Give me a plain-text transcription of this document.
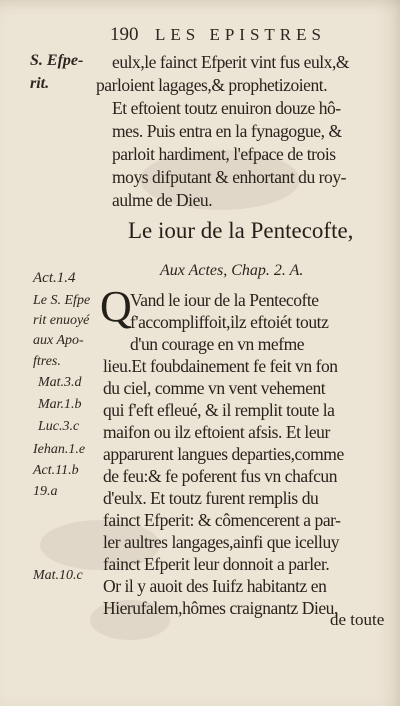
190 LES EPISTRES
S. Efpe-
rit.
Act.1.4
Le S. Efpe
rit enuoyé
aux Apo-
ftres.
Mat.3.d
Mar.1.b
Luc.3.c
Iehan.1.e
Act.11.b
19.a
Mat.10.c
eulx,le fainct Efperit vint fus eulx,&
parloient lagages,& prophetizoient.
Et eftoient toutz enuiron douze hô-
mes. Puis entra en la fynagogue, &
parloit hardiment, l'efpace de trois
moys difputant & enhortant du roy-
aulme de Dieu.
Le iour de la Pentecofte,
Aux Actes, Chap. 2. A.
Q
Vand le iour de la Pentecofte
f'accompliffoit,ilz eftoiét toutz
d'un courage en vn mefme
lieu.Et foubdainement fe feit vn fon
du ciel, comme vn vent vehement
qui f'eft efleué, & il remplit toute la
maifon ou ilz eftoient afsis. Et leur
apparurent langues departies,comme
de feu:& fe poferent fus vn chafcun
d'eulx. Et toutz furent remplis du
fainct Efperit: & cômencerent a par-
ler aultres langages,ainfi que icelluy
fainct Efperit leur donnoit a parler.
Or il y auoit des Iuifz habitantz en
Hierufalem,hômes craignantz Dieu,
de toute
